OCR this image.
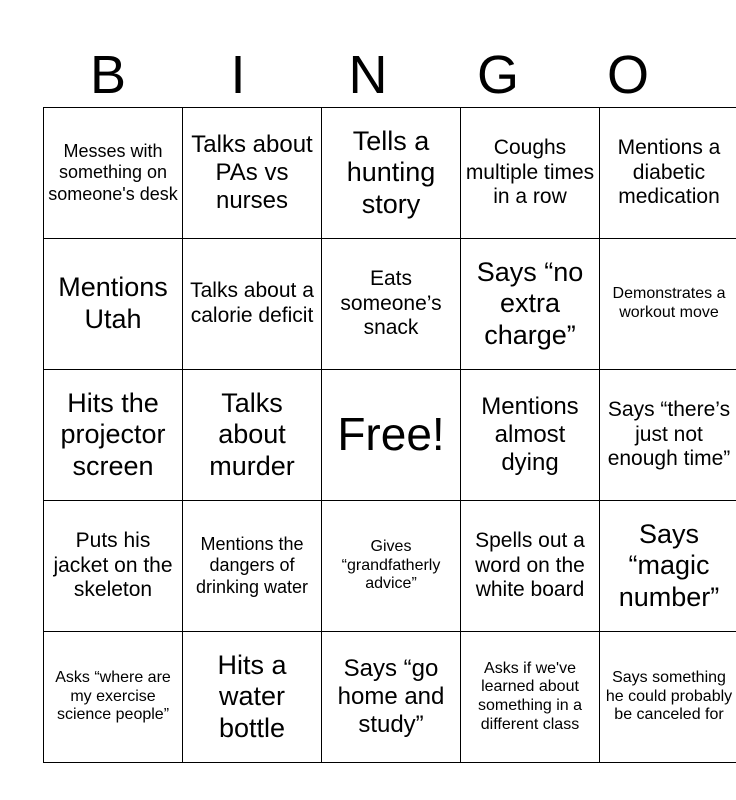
B	I	N	G	O
Messes with something on someone's desk	Talks about PAs vs nurses	Tells a hunting story	Coughs multiple times in a row	Mentions a diabetic medication
Mentions Utah	Talks about a calorie deficit	Eats someone’s snack	Says “no extra charge”	Demonstrates a workout move
Hits the projector screen	Talks about murder	Free!	Mentions almost dying	Says “there’s just not enough time”
Puts his jacket on the skeleton	Mentions the dangers of drinking water	Gives “grandfatherly advice”	Spells out a word on the white board	Says “magic number”
Asks “where are my exercise science people”	Hits a water bottle	Says “go home and study”	Asks if we've learned about something in a different class	Says something he could probably be canceled for
